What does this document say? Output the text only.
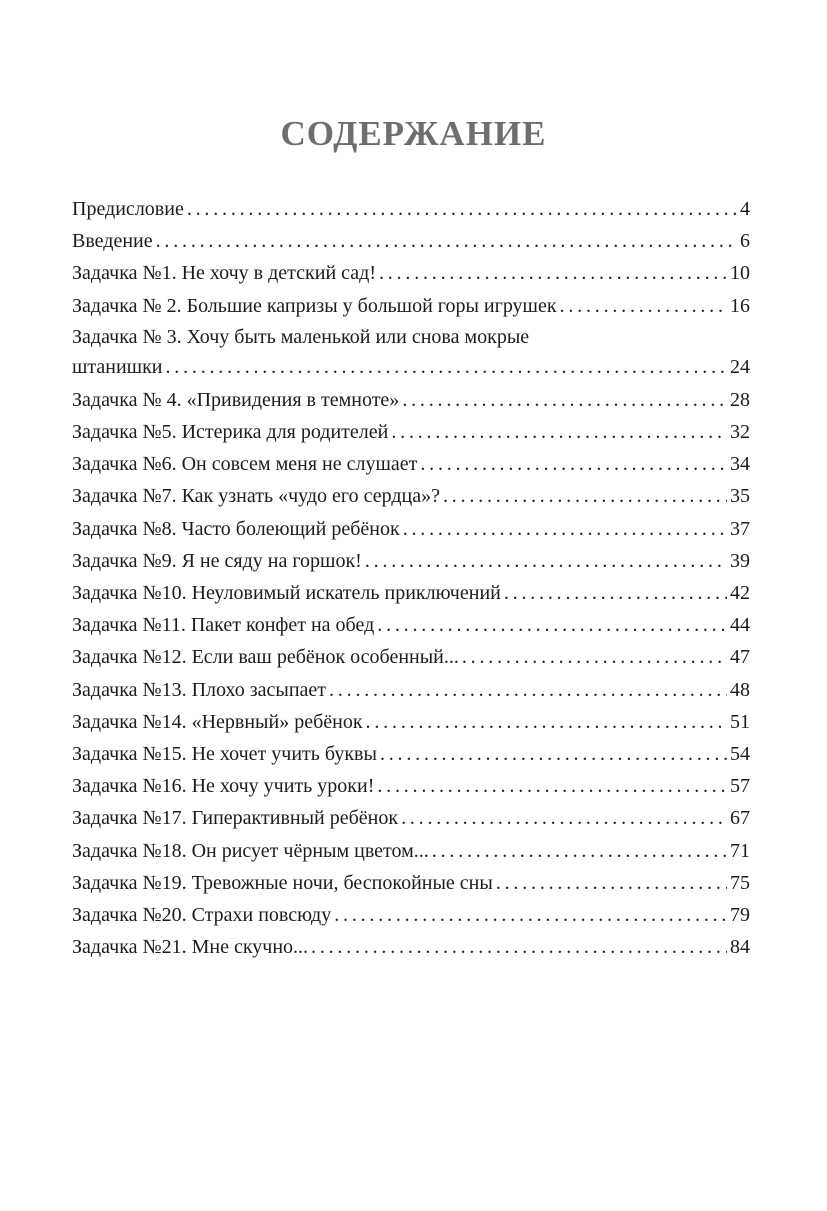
СОДЕРЖАНИЕ
Предисловие . . .	4
Введение . . .	6
Задачка №1. Не хочу в детский сад! . . .	10
Задачка № 2. Большие капризы у большой горы игрушек . . .	16
Задачка № 3. Хочу быть маленькой или снова мокрые
штанишки . . .	24
Задачка № 4. «Привидения в темноте» . . .	28
Задачка №5. Истерика для родителей . . .	32
Задачка №6. Он совсем меня не слушает . . .	34
Задачка №7. Как узнать «чудо его сердца»? . . .	35
Задачка №8. Часто болеющий ребёнок . . .	37
Задачка №9. Я не сяду на горшок! . . .	39
Задачка №10. Неуловимый искатель приключений . . .	42
Задачка №11. Пакет конфет на обед . . .	44
Задачка №12. Если ваш ребёнок особенный... . . .	47
Задачка №13. Плохо засыпает . . .	48
Задачка №14. «Нервный» ребёнок . . .	51
Задачка №15. Не хочет учить буквы . . .	54
Задачка №16. Не хочу учить уроки! . . .	57
Задачка №17. Гиперактивный ребёнок . . .	67
Задачка №18. Он рисует чёрным цветом... . . .	71
Задачка №19. Тревожные ночи, беспокойные сны . . .	75
Задачка №20. Страхи повсюду . . .	79
Задачка №21. Мне скучно... . . .	84
